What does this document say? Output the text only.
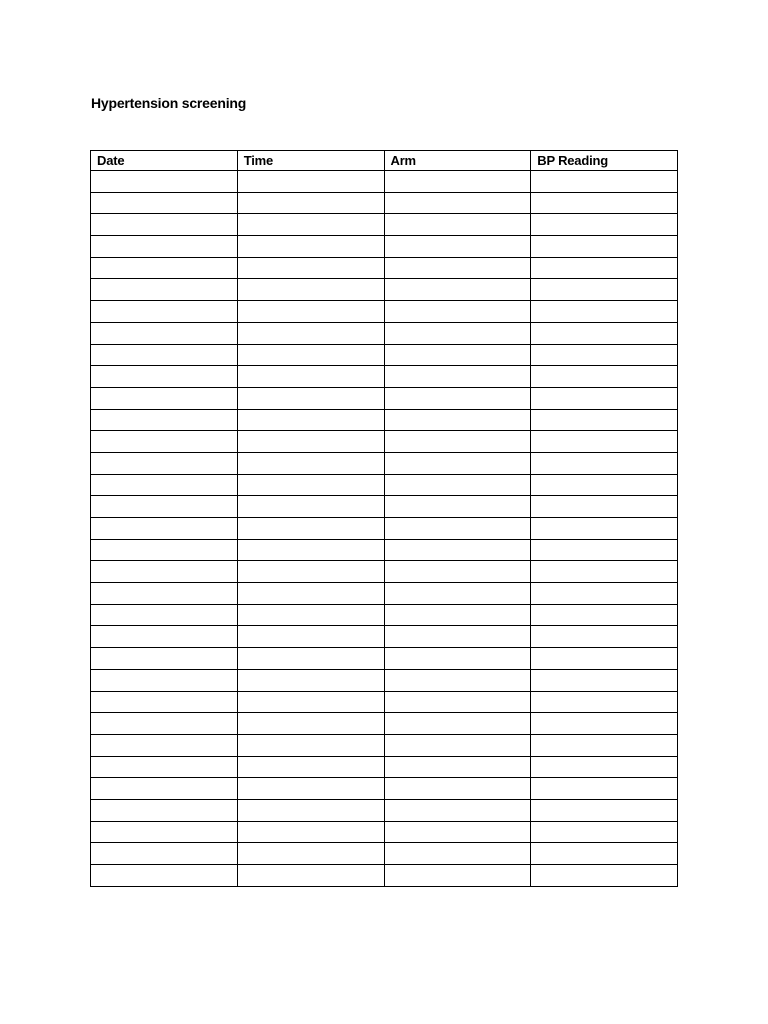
Hypertension screening
Date	Time	Arm	BP Reading
